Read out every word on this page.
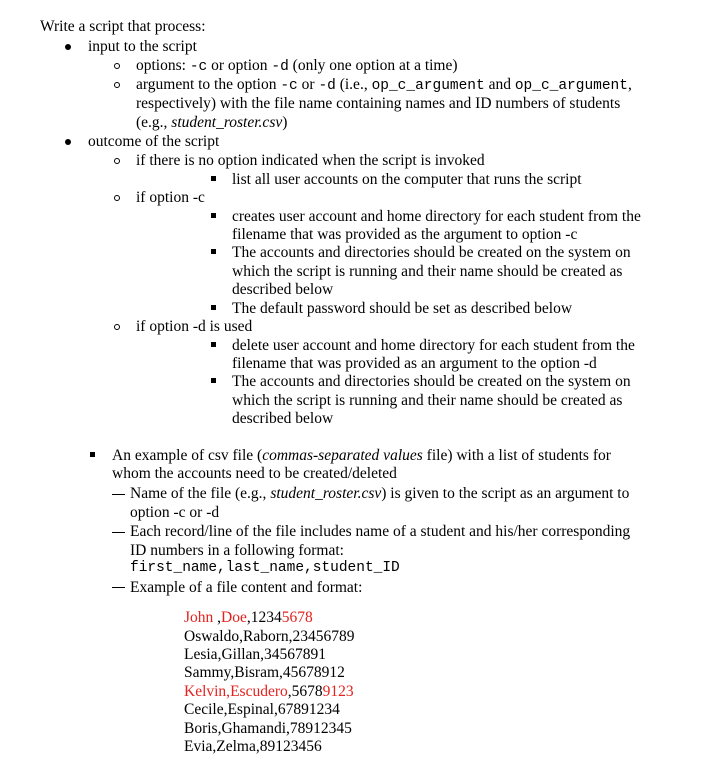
Write a script that process:
input to the script
options: -c or option -d (only one option at a time)
argument to the option -c or -d (i.e., op_c_argument and op_c_argument,
respectively) with the file name containing names and ID numbers of students
(e.g., student_roster.csv)
outcome of the script
if there is no option indicated when the script is invoked
list all user accounts on the computer that runs the script
if option -c
creates user account and home directory for each student from the
filename that was provided as the argument to option -c
The accounts and directories should be created on the system on
which the script is running and their name should be created as
described below
The default password should be set as described below
if option -d is used
delete user account and home directory for each student from the
filename that was provided as an argument to the option -d
The accounts and directories should be created on the system on
which the script is running and their name should be created as
described below
An example of csv file (commas-separated values file) with a list of students for
whom the accounts need to be created/deleted
Name of the file (e.g., student_roster.csv) is given to the script as an argument to
option -c or -d
Each record/line of the file includes name of a student and his/her corresponding
ID numbers in a following format:
first_name,last_name,student_ID
Example of a file content and format:
John ,Doe,12345678
Oswaldo,Raborn,23456789
Lesia,Gillan,34567891
Sammy,Bisram,45678912
Kelvin,Escudero,56789123
Cecile,Espinal,67891234
Boris,Ghamandi,78912345
Evia,Zelma,89123456
